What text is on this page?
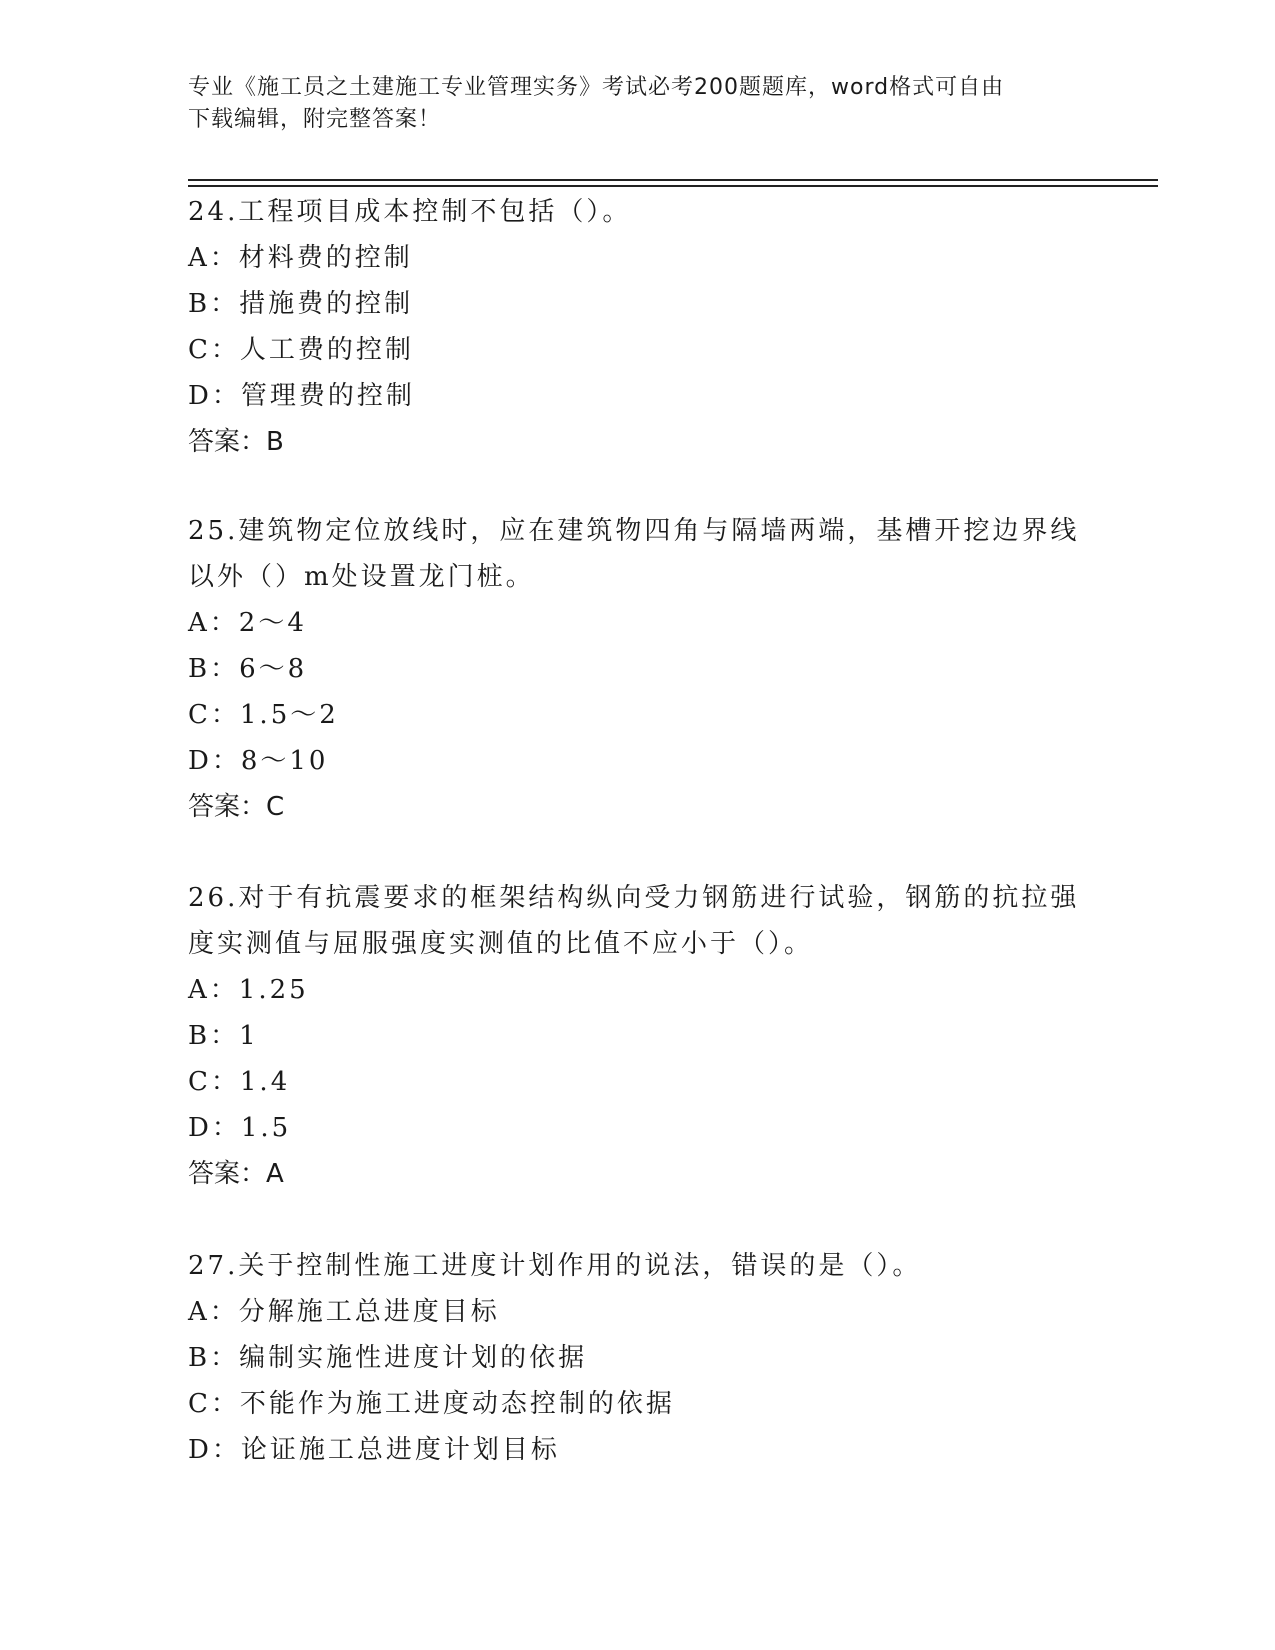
专业《施工员之土建施工专业管理实务》考试必考200题题库，word格式可自由
下载编辑，附完整答案！

24.工程项目成本控制不包括（）。

A：材料费的控制

B：措施费的控制

C：人工费的控制

D：管理费的控制

答案：B

25.建筑物定位放线时，应在建筑物四角与隔墙两端，基槽开挖边界线

以外（）m处设置龙门桩。

A：2～4

B：6～8

C：1.5～2

D：8～10

答案：C

26.对于有抗震要求的框架结构纵向受力钢筋进行试验，钢筋的抗拉强

度实测值与屈服强度实测值的比值不应小于（）。

A：1.25

B：1

C：1.4

D：1.5

答案：A

27.关于控制性施工进度计划作用的说法，错误的是（）。

A：分解施工总进度目标

B：编制实施性进度计划的依据

C：不能作为施工进度动态控制的依据

D：论证施工总进度计划目标
